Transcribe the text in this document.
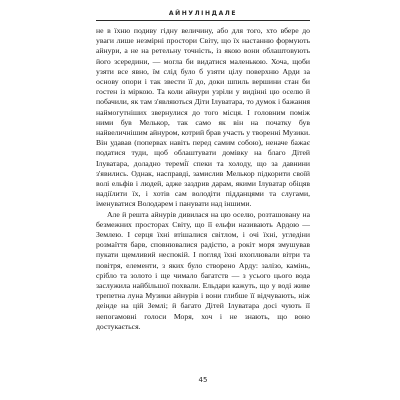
АЙНУЛІНДАЛЕ

не в їхню подиву гідну величину, або для того, хто вбере до уваги лише незмірні простори Світу, що їх настанню формують айнури, а не на ретельну точність, із якою вони облаштовують його зсередини, — могла би видатися маленькою. Хоча, щоби узяти все явно, їм слід було б узяти цілу поверхню Арди за основу опори і так звести її до, доки шпиль вершини стан би гостен із міркою. Та коли айнури узріли у видінні цю оселю й побачили, як там з'являються Діти Ілуватара, то думок і бажання наймогутніших звернулися до того місця. І головним поміж ними був Мелькор, так само як він на початку був найвеличнішим айнуром, котрий брав участь у творенні Музики. Він удавав (попервах навіть перед самим собою), неначе бажає податися туди, щоб облаштувати домівку на благо Дітей Ілуватара, доладно теремі́ї спеки та холоду, що за давнини з'явились. Однак, насправді, замислив Мелькор підкорити своїй волі ельфів і людей, адже заздрив дарам, якими Ілуватар обіцяв надіїлити їх, і хотів сам володіти підданцями та слугами, іменуватися Володарем і панувати над іншими.

Але й решта айнурів дивилася на цю оселю, розташовану на безмежних просторах Світу, що її ельфи називають Ардою — Землею. І серця їхні втішалися світлом, і очі їхні, угледіни розмаїття барв, сповнювалися радістю, а рокіт моря змушував пукати щемливий неспокій. І погляд їхні вхоплювали вітри та повітря, елементи, з яких було створено Арду: залізо, камінь, срібло та золото і ще чимало багатств — з усього цього вода заслужила найбільшої похвали. Ельдари кажуть, що у воді живе трепетна луна Музики айнурів і вони глибше її відчувають, ніж деінде на цій Землі; й багато Дітей Ілуватара досі чують її непогамовні голоси Моря, хоч і не знають, що воно достукається.

45
